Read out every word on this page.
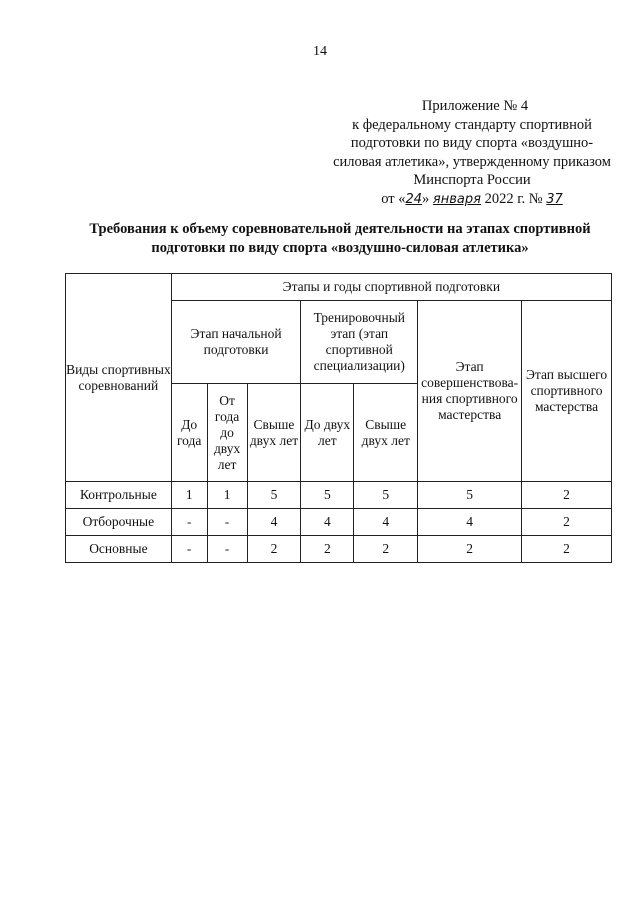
14
Приложение № 4
к федеральному стандарту спортивной
подготовки по виду спорта «воздушно-
силовая атлетика», утвержденному приказом
Минспорта России
от «24» января 2022 г. № 37
Требования к объему соревновательной деятельности на этапах спортивной
подготовки по виду спорта «воздушно-силовая атлетика»
Виды спортивных соревнований	Этапы и годы спортивной подготовки						
	Этап начальной подготовки			Тренировочный этап (этап спортивной специализации)		Этап совершенствова-ния спортивного мастерства	Этап высшего спортивного мастерства
	До года	От года до двух лет	Свыше двух лет	До двух лет	Свыше двух лет		
Контрольные	1	1	5	5	5	5	2
Отборочные	-	-	4	4	4	4	2
Основные	-	-	2	2	2	2	2
